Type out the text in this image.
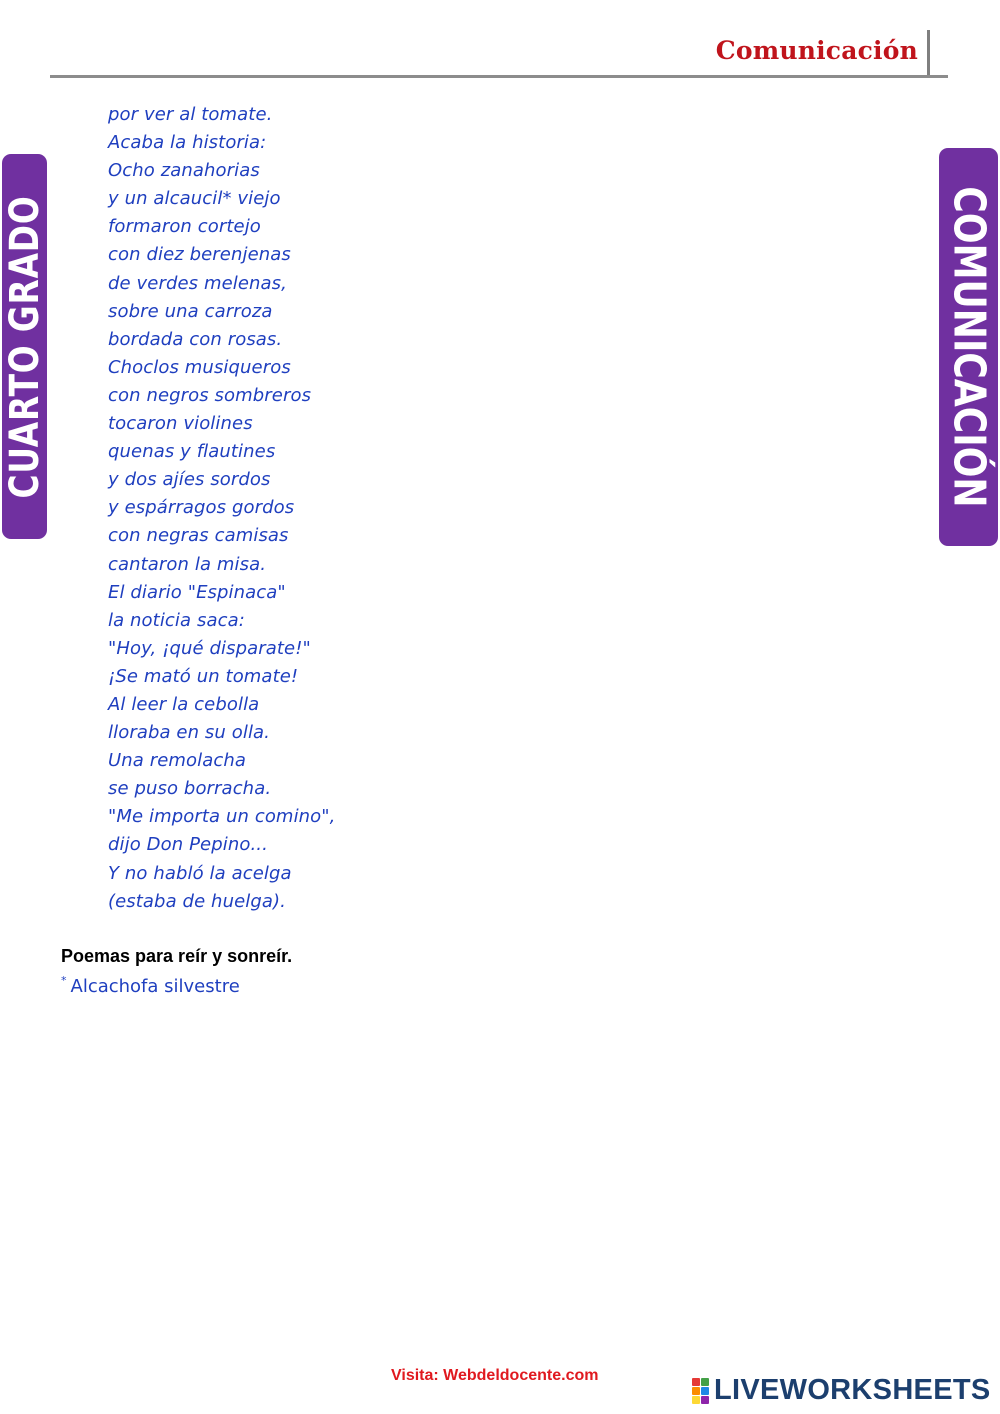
Comunicación
CUARTO GRADO	COMUNICACIÓN
por ver al tomate.
Acaba la historia:
Ocho zanahorias
y un alcaucil* viejo
formaron cortejo
con diez berenjenas
de verdes melenas,
sobre una carroza
bordada con rosas.
Choclos musiqueros
con negros sombreros
tocaron violines
quenas y flautines
y dos ajíes sordos
y espárragos gordos
con negras camisas
cantaron la misa.
El diario "Espinaca"
la noticia saca:
"Hoy, ¡qué disparate!"
¡Se mató un tomate!
Al leer la cebolla
lloraba en su olla.
Una remolacha
se puso borracha.
"Me importa un comino",
dijo Don Pepino...
Y no habló la acelga
(estaba de huelga).
Poemas para reír y sonreír.
* Alcachofa silvestre
Visita: Webdeldocente.com	LIVEWORKSHEETS
